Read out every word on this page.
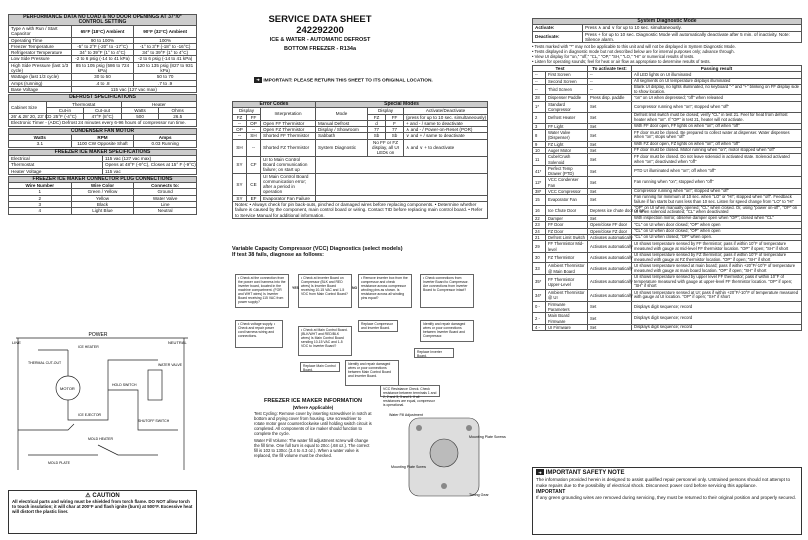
PERFORMANCE DATA NO LOAD & NO DOOR OPENINGS AT 37°/0° CONTROL SETTING		
Type A with Run / Start Capacitor	65°F (18°C) Ambient	90°F (32°C) Ambient
Operating Time	90 to 100%	100%
Freezer Temperature	-5° to 2°F (-20° to -17°C)	-1° to 3°F (-18° to -16°C)
Refrigerator Temperature	34° to 39°F (1° to 4°C)	34° to 39°F (1° to 4°C)
Low Side Pressure	-2 to 6 psig (-14 to 41 kPa)	-2 to 6 psig (-14 to 41 kPa)
High Side Pressure (last 1/3 cycle)	85 to 105 psig (586 to 724 kPa)	120 to 135 psig (827 to 931 kPa)
Wattage (last 1/3 cycle)	30 to 50	50 to 70
Amps (running)	.4 to .8	.7 to .9
Base Voltage	115 vac (127 vac max)	
DEFROST SPECIFICATIONS				
Cabinet Size	Thermostat		Heater	
	Cut-in	Cut-out	Watts	Ohms
26' & 28' 20, 23' CD	25°F (-4°C)	47°F (8°C)	500	26.5
Electronic Timer - (ADC) Defrost 24 minutes every 6-96 hours of compressor run time.				
CONDENSER FAN MOTOR		
Watts	RPM	Amps
3.1	1100 CW Opposite Shaft	0.03 Running
FREEZER ICE MAKER SPECIFICATIONS	
Electrical	115 vac (127 vac max)
Thermostat	Opens at 48°F (-9°C), Closes at 15° F (-9°C)
Heater Voltage	115 vac
FREEZER ICE MAKER CONNECTOR PLUG CONNECTIONS		
Wire Number	Wire Color	Connects to:
1	Green / Yellow	Ground
2	Yellow	Water Valve
3	Black	Line
4	Light Blue	Neutral
POWER
LINE	NEUTRAL
ICE HEATER
THERMAL CUT-OUT
MOTOR
HOLD SWITCH
MOLD HEATER
ICE EJECTOR
SHUTOFF SWITCH
WATER VALVE
MOLD PLATE
⚠ CAUTION
All electrical parts and wiring must be shielded from torch flame. DO NOT allow torch to touch insulation; it will char at 200°F and flash ignite (burn) at 500°F. Excessive heat will distort the plastic liner.
SERVICE DATA SHEET
242292200
ICE & WATER - AUTOMATIC DEFROST
BOTTOM FREEZER - R134a
➜ IMPORTANT: PLEASE RETURN THIS SHEET TO ITS ORIGINAL LOCATION.
Error Codes			Special Modes			
Display		Interpretation	Mode	Display		Activate/Deactivate
FZ	FF			FZ	FF	(press for up to 10 sec. simultaneously)
--	OP	Open FF Thermistor	Manual Defrost	d	F	+ and - / same to deactivate
OP	--	Open FZ Thermistor	Display / Showroom	77	77	∧ and - / Power-on-Reset (POR)
--	SH	Shorted FF Thermistor	Sabbath	Sb	Sb	∨ and + / same to deactivate
SH	--	Shorted FZ Thermistor	System Diagnostic	No FF or FZ display, all UI LEDs on		∧ and ∨ + to deactivate
SY	CF	UI to Main Control Board communication failure; on start up				
SY	CE	UI Main Control Board communication error; after a period in operation				
SY	EF	Evaporator Fan Failure				
Notes: • Always check for pin back-outs, pinched or damaged wires before replacing components. • Determine whether failure is caused by the component, main control board or wiring. Contact TID before replacing main control board. • Refer to Service Manual for additional information.						
Variable Capacity Compressor (VCC) Diagnostics (select models)
If test 38 fails, diagnose as follows:
• Check at the connection from the power cord harness into the inverter board, located in the machine compartment. (FOR and WHT wires) Is Inverter Board receiving 115 VAC from power supply?
• Check at Inverter Board on Compressor (BLK and RED wires) Is Inverter Board receiving 10-15 VAC and 1-5 VDC from Main Control Board?
• Remove inverter box from the compressor and check resistance across compressor winding pins as shown. Is resistance across all winding pins equal?
• Check connections from Inverter Board to Compressor. Are connections from Inverter Board to Compressor intact?
• Check voltage supply. • Check and repair power cord harness wiring and connections.
• Check at Main Control Board. (BLK/WHT and RED/BLK wires) Is Main Control Board sending 10-15 VAC and 1-5 VDC to Inverter Board?
Replace Compressor and Inverter Board.
Identify and repair damaged wires or poor connections between Inverter Board and Compressor.
Replace Inverter Board.
Replace Main Control Board.
Identify and repair damaged wires or poor connections between Main Control Board and Inverter Board.
VCC Resistance Check. Check resistance between terminals 1 and 2, 2 and 3, 3 and 1. If all resistances are equal, compressor is operational.
YES	NO
FREEZER ICE MAKER INFORMATION
(Where Applicable)
Test Cycling: Remove cover by inserting screwdriver in notch at bottom and prying cover from housing. Use screwdriver to rotate motor gear counterclockwise until holding switch circuit is completed. All components of ice maker should function to complete the cycle.
Water Fill Volume: The water fill adjustment screw will change the fill time. One full turn is equal to 20cc (.68 oz.). The correct fill is 102 to 130cc (3.4 to 4.3 oz.). When a water valve is replaced, the fill volume must be checked.
Water Fill Adjustment
Mounting Plate Screws
Mounting Plate Screw
Timing Gear
System Diagnostic Mode	
Activate:	Press ∧ and ∨ for up to 10 sec. simultaneously.
Deactivate:	Press + for up to 10 sec. Diagnostic Mode will automatically deactivate after 5 min. of inactivity. Note: Silence alarm.
• Tests marked with "*" may not be applicable to this unit and will not be displayed in System Diagnostic Mode.
• Tests displayed in diagnostic mode but not described below are for internal purposes only; advance through.
• View UI display for "on," "off," "CL," "OP," "SH," "LO," "HI" or numerical results of tests.
• Listen for operating sounds; feel for heat or air flow as appropriate to determine results of tests.
Test		To activate test:	Passing result
--	First Screen	--	All LED lights on UI illuminated
--	Second Screen	--	All segments on UI temperature displays illuminated
--	Third Screen	--	Blank UI display, no lights illuminated, no keyboard "-" and "+" blinking on FF display side to show location.
28	Dispenser Paddle	Press disp. paddle	"on" on UI when depressed; "off" when released
1*	Standard Compressor	Set	Compressor running when "on"; stopped when "off"
2	Defrost Heater	Set	Defrost limit switch must be closed; verify "CL" in test 21. Feel for heat from defrost heater when "on". If "OP" in test 21, heater will not activate.
3	FF Light	Set	With FF door open, FF lights on when "on"; off when "off"
8	Water Valve (Dispenser)	Set	FF door must be closed. Be prepared to collect water at dispenser. Water dispenses when "on"; stops when "off"
9	FZ Light	Set	With FZ door open, FZ lights on when "on"; off when "off"
10	Auger Motor	Set	FF door must be closed. Motor running when "on"; motor stopped when "off"
11	Cube/Crush Solenoid	Set	FF door must be closed. Do not leave solenoid in activated state. Solenoid activated when "on"; deactivated when "off"
41*	Perfect Temp Drawer (PTD)	Set	PTD UI illuminated when "on"; off when "off"
12*	VCC Condenser Fan	Set	Fan running when "on"; stopped when "off"
38*	VCC Compressor	Set	Compressor running when "on"; stopped when "off"
15	Evaporator Fan	Set	Fan running for minimum of 10 sec. when "LO" or "HI"; stopped when "off". Feedback failure if fan starts but runs less than 10 sec. Listen for speed change from "LO" to "HI"
16	Ice Chute Door	Depress ice chute door or set	"OP" on UI when manually opened; "CL" when closed. Or, using "power on-off", "OP" on UI when solenoid activated; "CL" when deactivated
22	Damper	Set	With inspection mirror, observe damper open when "OP"; closed when "CL"
23	FF Door	Open/close FF door	"CL" on UI when door closed; "OP" when open
24	FZ Door	Open/close FZ door	"CL" on UI when door closed; "OP" when open
21	Defrost Limit Switch	Activates automatically	"CL" on UI when closed; "OP" when open.
29	FF Thermistor Mid-level	Activates automatically	UI shows temperature sensed by FF thermistor; pass if within 10°F of temperature measured with gauge at mid-level FF thermistor location. "OP" if open; "SH" if short
30	FZ Thermistor	Activates automatically	UI shows temperature sensed by FZ thermistor; pass if within 10°F of temperature measured with gauge at FZ thermistor location. "OP" if open; "SH" if short
33	Ambient Thermistor @ Main Board	Activates automatically	UI shows temperature sensed at main board; pass if within +20°F/-10°F of temperature measured with gauge at main board location. "OP" if open; "SH" if short
35*	FF Thermistor Upper-Level	Activates automatically	UI shows temperature sensed by upper level FF thermistor; pass if within 10°F of temperature measured with gauge at upper-level FF thermistor location. "OP" if open; "SH" if short
34*	Ambient Thermistor @ UI	Activates automatically	UI shows temperature sensed at UI; pass if within +20°F/-10°F of temperature measured with gauge at UI location. "OP" if open; "SH" if short
0 -	Firmware Parameters	Set	Displays digit sequence; record
2 -	Main Board Firmware	Set	Displays digit sequence; record
4 -	UI Firmware	Set	Displays digit sequence; record
➜ IMPORTANT SAFETY NOTE
The information provided herein is designed to assist qualified repair personnel only. Untrained persons should not attempt to make repairs due to the possibility of electrical shock. Disconnect power cord before servicing this appliance.
IMPORTANT
If any green grounding wires are removed during servicing, they must be returned to their original position and properly secured.
